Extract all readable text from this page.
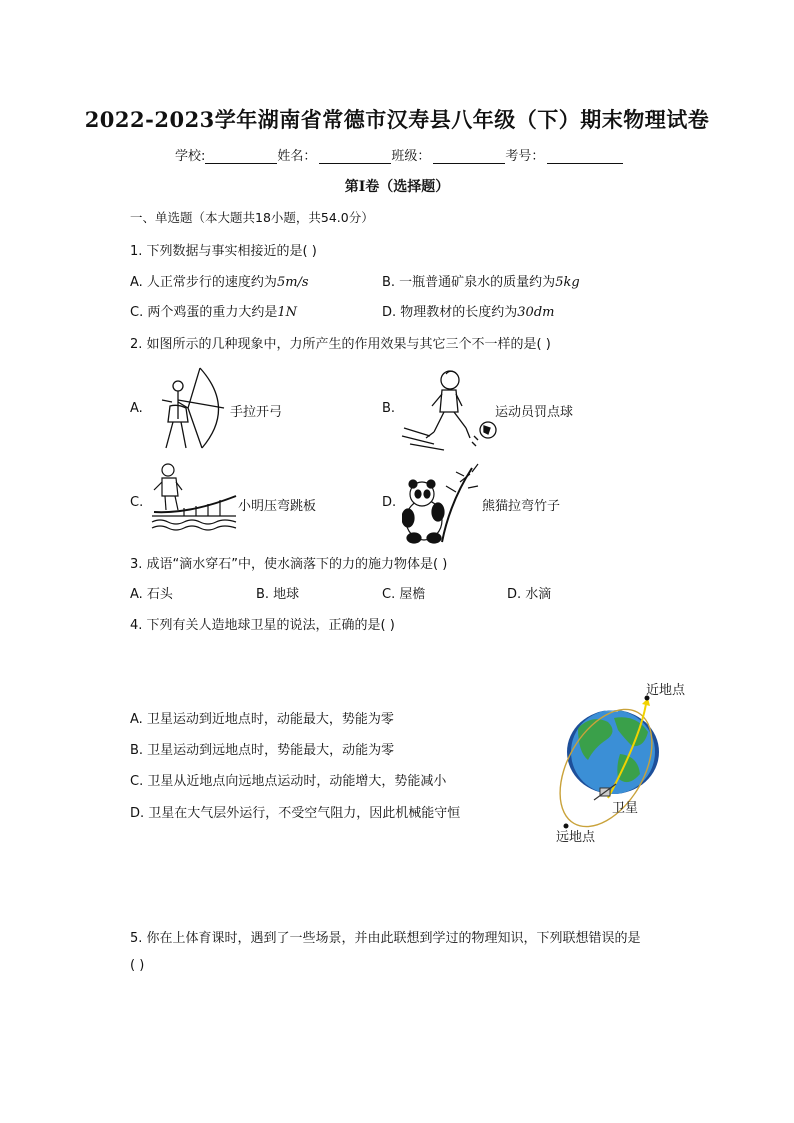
2022-2023学年湖南省常德市汉寿县八年级（下）期末物理试卷
学校:	姓名：	班级：	考号：
第I卷（选择题）
一、单选题（本大题共18小题，共54.0分）
1. 下列数据与事实相接近的是( )
A. 人正常步行的速度约为5m/s	B. 一瓶普通矿泉水的质量约为5kg
C. 两个鸡蛋的重力大约是1N	D. 物理教材的长度约为30dm
2. 如图所示的几种现象中，力所产生的作用效果与其它三个不一样的是( )
A.	手拉开弓	B.	运动员罚点球
C.	小明压弯跳板	D.	熊猫拉弯竹子
3. 成语“滴水穿石”中，使水滴落下的力的施力物体是( )
A. 石头	B. 地球	C. 屋檐	D. 水滴
4. 下列有关人造地球卫星的说法，正确的是( )
A. 卫星运动到近地点时，动能最大，势能为零
B. 卫星运动到远地点时，势能最大，动能为零
C. 卫星从近地点向远地点运动时，动能增大，势能减小
D. 卫星在大气层外运行，不受空气阻力，因此机械能守恒
近地点
卫星
远地点
5. 你在上体育课时，遇到了一些场景，并由此联想到学过的物理知识，下列联想错误的是
( )
